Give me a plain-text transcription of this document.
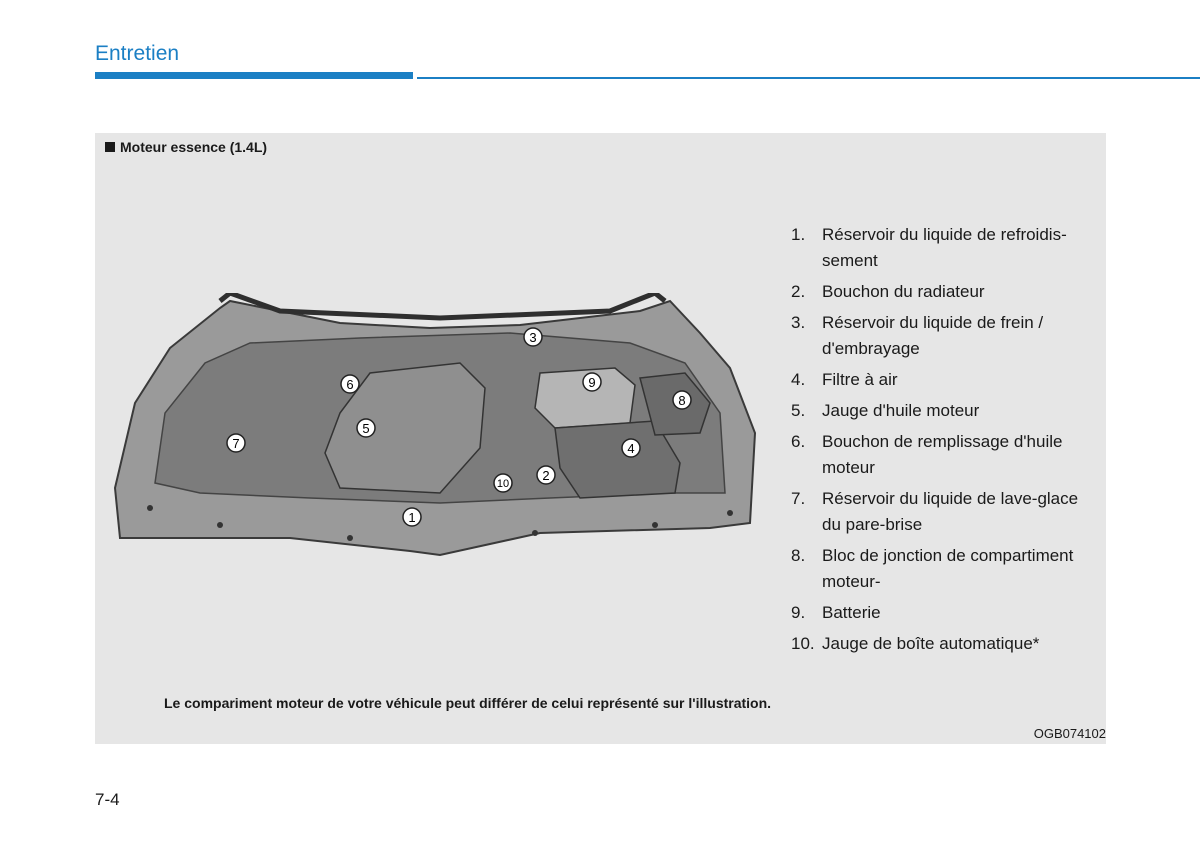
Entretien
Moteur essence (1.4L)
1
2
3
4
5
6
7
8
9
10
1. Réservoir du liquide de refroidis-sement
2. Bouchon du radiateur
3. Réservoir du liquide de frein / d'embrayage
4. Filtre à air
5. Jauge d'huile moteur
6. Bouchon de remplissage d'huile moteur
7. Réservoir du liquide de lave-glace du pare-brise
8. Bloc de jonction de compartiment moteur-
9. Batterie
10. Jauge de boîte automatique*
Le compariment moteur de votre véhicule peut différer de celui représenté sur l'illustration.
OGB074102
7-4
